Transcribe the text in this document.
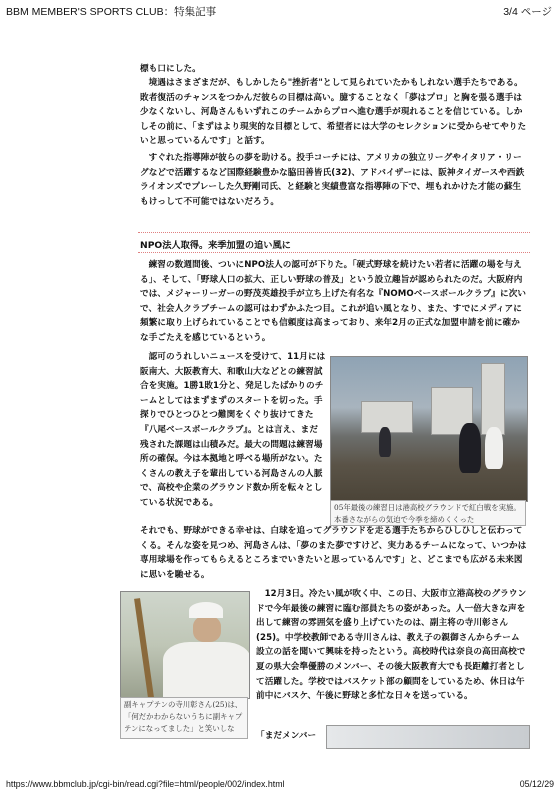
BBM MEMBER'S SPORTS CLUB：特集記事	3/4 ページ

標も口にした。

境遇はさまざまだが、もしかしたら"挫折者"として見られていたかもしれない選手たちである。敗者復活のチャンスをつかんだ彼らの目標は高い。臆することなく「夢はプロ」と胸を張る選手は少なくないし、河島さんもいずれこのチームからプロへ進む選手が現れることを信じている。しかしその前に、「まずはより現実的な目標として、希望者には大学のセレクションに受からせてやりたいと思っているんです」と話す。

すぐれた指導陣が彼らの夢を助ける。投手コーチには、アメリカの独立リーグやイタリア・リーグなどで活躍するなど国際経験豊かな脇田善皆氏(32)、アドバイザーには、阪神タイガースや西鉄ライオンズでプレーした久野剛司氏、と経験と実績豊富な指導陣の下で、埋もれかけた才能の蘇生もけっして不可能ではないだろう。

NPO法人取得。来季加盟の追い風に

練習の数週間後、ついにNPO法人の認可が下りた。「硬式野球を続けたい若者に活躍の場を与える」、そして、「野球人口の拡大、正しい野球の普及」という設立趣旨が認められたのだ。大阪府内では、メジャーリーガーの野茂英雄投手が立ち上げた有名な『NOMOベースボールクラブ』に次いで、社会人クラブチームの認可はわずかふたつ目。これが追い風となり、また、すでにメディアに頻繁に取り上げられていることでも信頼度は高まっており、来年2月の正式な加盟申請を前に確かな手ごたえを感じているという。

認可のうれしいニュースを受けて、11月には阪南大、大阪教育大、和歌山大などとの練習試合を実施。1勝1敗1分と、発足したばかりのチームとしてはまずまずのスタートを切った。手探りでひとつひとつ難関をくぐり抜けてきた『八尾ベースボールクラブ』。とは言え、まだ残された課題は山積みだ。最大の問題は練習場所の確保。今は本拠地と呼べる場所がない。たくさんの教え子を輩出している河島さんの人脈で、高校や企業のグラウンド数か所を転々としている状況である。

それでも、野球ができる幸せは、白球を追ってグラウンドを走る選手たちからひしひしと伝わってくる。そんな姿を見つめ、河島さんは、「夢のまた夢ですけど、実力あるチームになって、いつかは専用球場を作ってもらえるところまでいきたいと思っているんです」と、どこまでも広がる未来図に思いを馳せる。

05年最後の練習日は港高校グラウンドで紅白戦を実施。本番さながらの気迫で今季を締めくくった

12月3日。冷たい風が吹く中、この日、大阪市立港高校のグラウンドで今年最後の練習に臨む部員たちの姿があった。人一倍大きな声を出して練習の雰囲気を盛り上げていたのは、副主将の寺川彰さん(25)。中学校教師である寺川さんは、教え子の親御さんからチーム設立の話を聞いて興味を持ったという。高校時代は奈良の高田高校で夏の県大会準優勝のメンバー、その後大阪教育大でも長距離打者として活躍した。学校ではバスケット部の顧問をしているため、休日は午前中にバスケ、午後に野球と多忙な日々を送っている。

副キャプテンの寺川彰さん(25)は、「何だかわからないうちに副キャプテンになってました」と笑いしな

「まだメンバー

https://www.bbmclub.jp/cgi-bin/read.cgi?file=html/people/002/index.html	05/12/29
